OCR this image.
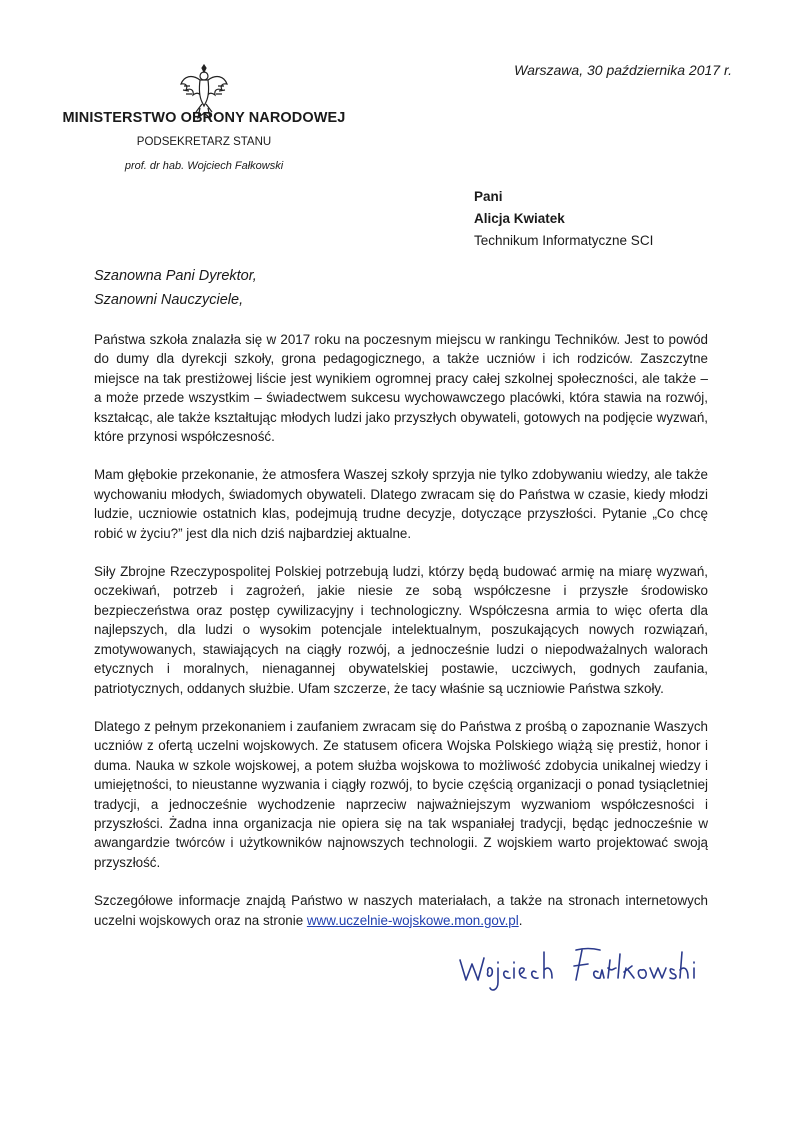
MINISTERSTWO OBRONY NARODOWEJ
PODSEKRETARZ STANU
prof. dr hab. Wojciech Fałkowski
Warszawa, 30 października 2017 r.
Pani
Alicja Kwiatek
Technikum Informatyczne SCI
Szanowna Pani Dyrektor,
Szanowni Nauczyciele,

Państwa szkoła znalazła się w 2017 roku na poczesnym miejscu w rankingu Techników. Jest to powód do dumy dla dyrekcji szkoły, grona pedagogicznego, a także uczniów i ich rodziców. Zaszczytne miejsce na tak prestiżowej liście jest wynikiem ogromnej pracy całej szkolnej społeczności, ale także – a może przede wszystkim – świadectwem sukcesu wychowawczego placówki, która stawia na rozwój, kształcąc, ale także kształtując młodych ludzi jako przyszłych obywateli, gotowych na podjęcie wyzwań, które przynosi współczesność.

Mam głębokie przekonanie, że atmosfera Waszej szkoły sprzyja nie tylko zdobywaniu wiedzy, ale także wychowaniu młodych, świadomych obywateli. Dlatego zwracam się do Państwa w czasie, kiedy młodzi ludzie, uczniowie ostatnich klas, podejmują trudne decyzje, dotyczące przyszłości. Pytanie „Co chcę robić w życiu?” jest dla nich dziś najbardziej aktualne.

Siły Zbrojne Rzeczypospolitej Polskiej potrzebują ludzi, którzy będą budować armię na miarę wyzwań, oczekiwań, potrzeb i zagrożeń, jakie niesie ze sobą współczesne i przyszłe środowisko bezpieczeństwa oraz postęp cywilizacyjny i technologiczny. Współczesna armia to więc oferta dla najlepszych, dla ludzi o wysokim potencjale intelektualnym, poszukających nowych rozwiązań, zmotywowanych, stawiających na ciągły rozwój, a jednocześnie ludzi o niepodważalnych walorach etycznych i moralnych, nienagannej obywatelskiej postawie, uczciwych, godnych zaufania, patriotycznych, oddanych służbie. Ufam szczerze, że tacy właśnie są uczniowie Państwa szkoły.

Dlatego z pełnym przekonaniem i zaufaniem zwracam się do Państwa z prośbą o zapoznanie Waszych uczniów z ofertą uczelni wojskowych. Ze statusem oficera Wojska Polskiego wiążą się prestiż, honor i duma. Nauka w szkole wojskowej, a potem służba wojskowa to możliwość zdobycia unikalnej wiedzy i umiejętności, to nieustanne wyzwania i ciągły rozwój, to bycie częścią organizacji o ponad tysiącletniej tradycji, a jednocześnie wychodzenie naprzeciw najważniejszym wyzwaniom współczesności i przyszłości. Żadna inna organizacja nie opiera się na tak wspaniałej tradycji, będąc jednocześnie w awangardzie twórców i użytkowników najnowszych technologii. Z wojskiem warto projektować swoją przyszłość.

Szczegółowe informacje znajdą Państwo w naszych materiałach, a także na stronach internetowych uczelni wojskowych oraz na stronie www.uczelnie-wojskowe.mon.gov.pl.
